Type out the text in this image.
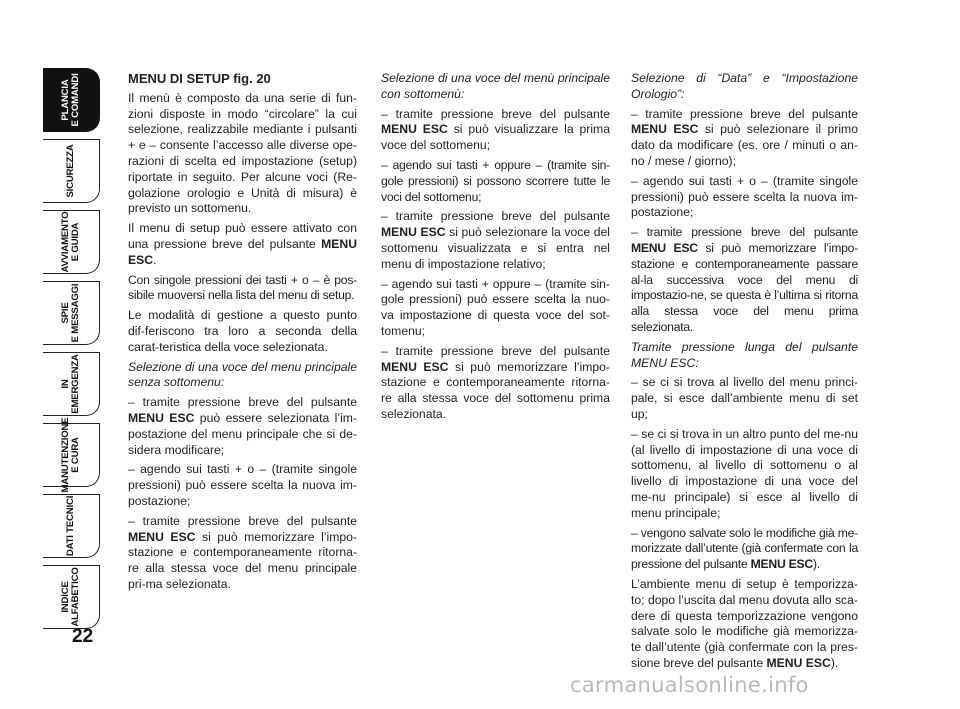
PLANCIA
E COMANDI
SICUREZZA
AVVIAMENTO
E GUIDA
SPIE
E MESSAGGI
IN
EMERGENZA
MANUTENZIONE
E CURA
DATI TECNICI
INDICE
ALFABETICO
22

MENU DI SETUP fig. 20

Il menù è composto da una serie di fun-zioni disposte in modo “circolare” la cui selezione, realizzabile mediante i pulsanti + e – consente l’accesso alle diverse ope-razioni di scelta ed impostazione (setup) riportate in seguito. Per alcune voci (Re-golazione orologio e Unità di misura) è previsto un sottomenu.

Il menu di setup può essere attivato con una pressione breve del pulsante MENU ESC.

Con singole pressioni dei tasti + o – è pos-sibile muoversi nella lista del menu di setup.

Le modalità di gestione a questo punto dif-feriscono tra loro a seconda della carat-teristica della voce selezionata.

Selezione di una voce del menu principale senza sottomenu:

– tramite pressione breve del pulsante MENU ESC può essere selezionata l’im-postazione del menu principale che si de-sidera modificare;

– agendo sui tasti + o – (tramite singole pressioni) può essere scelta la nuova im-postazione;

– tramite pressione breve del pulsante MENU ESC si può memorizzare l’impo-stazione e contemporaneamente ritorna-re alla stessa voce del menu principale pri-ma selezionata.

Selezione di una voce del menù principale con sottomenù:

– tramite pressione breve del pulsante MENU ESC si può visualizzare la prima voce del sottomenu;

– agendo sui tasti + oppure – (tramite sin-gole pressioni) si possono scorrere tutte le voci del sottomenu;

– tramite pressione breve del pulsante MENU ESC si può selezionare la voce del sottomenu visualizzata e si entra nel menu di impostazione relativo;

– agendo sui tasti + oppure – (tramite sin-gole pressioni) può essere scelta la nuo-va impostazione di questa voce del sot-tomenu;

– tramite pressione breve del pulsante MENU ESC si può memorizzare l’impo-stazione e contemporaneamente ritorna-re alla stessa voce del sottomenu prima selezionata.

Selezione di “Data” e “Impostazione Orologio”:

– tramite pressione breve del pulsante MENU ESC si può selezionare il primo dato da modificare (es. ore / minuti o an-no / mese / giorno);

– agendo sui tasti + o – (tramite singole pressioni) può essere scelta la nuova im-postazione;

– tramite pressione breve del pulsante MENU ESC si può memorizzare l’impo-stazione e contemporaneamente passare al-la successiva voce del menu di impostazio-ne, se questa è l’ultima si ritorna alla stessa voce del menu prima selezionata.

Tramite pressione lunga del pulsante MENU ESC:

– se ci si trova al livello del menu princi-pale, si esce dall’ambiente menu di set up;

– se ci si trova in un altro punto del me-nu (al livello di impostazione di una voce di sottomenu, al livello di sottomenu o al livello di impostazione di una voce del me-nu principale) si esce al livello di menu principale;

– vengono salvate solo le modifiche già me-morizzate dall’utente (già confermate con la pressione del pulsante MENU ESC).

L’ambiente menu di setup è temporizza-to; dopo l’uscita dal menu dovuta allo sca-dere di questa temporizzazione vengono salvate solo le modifiche già memorizza-te dall’utente (già confermate con la pres-sione breve del pulsante MENU ESC).

carmanualsonline.info
